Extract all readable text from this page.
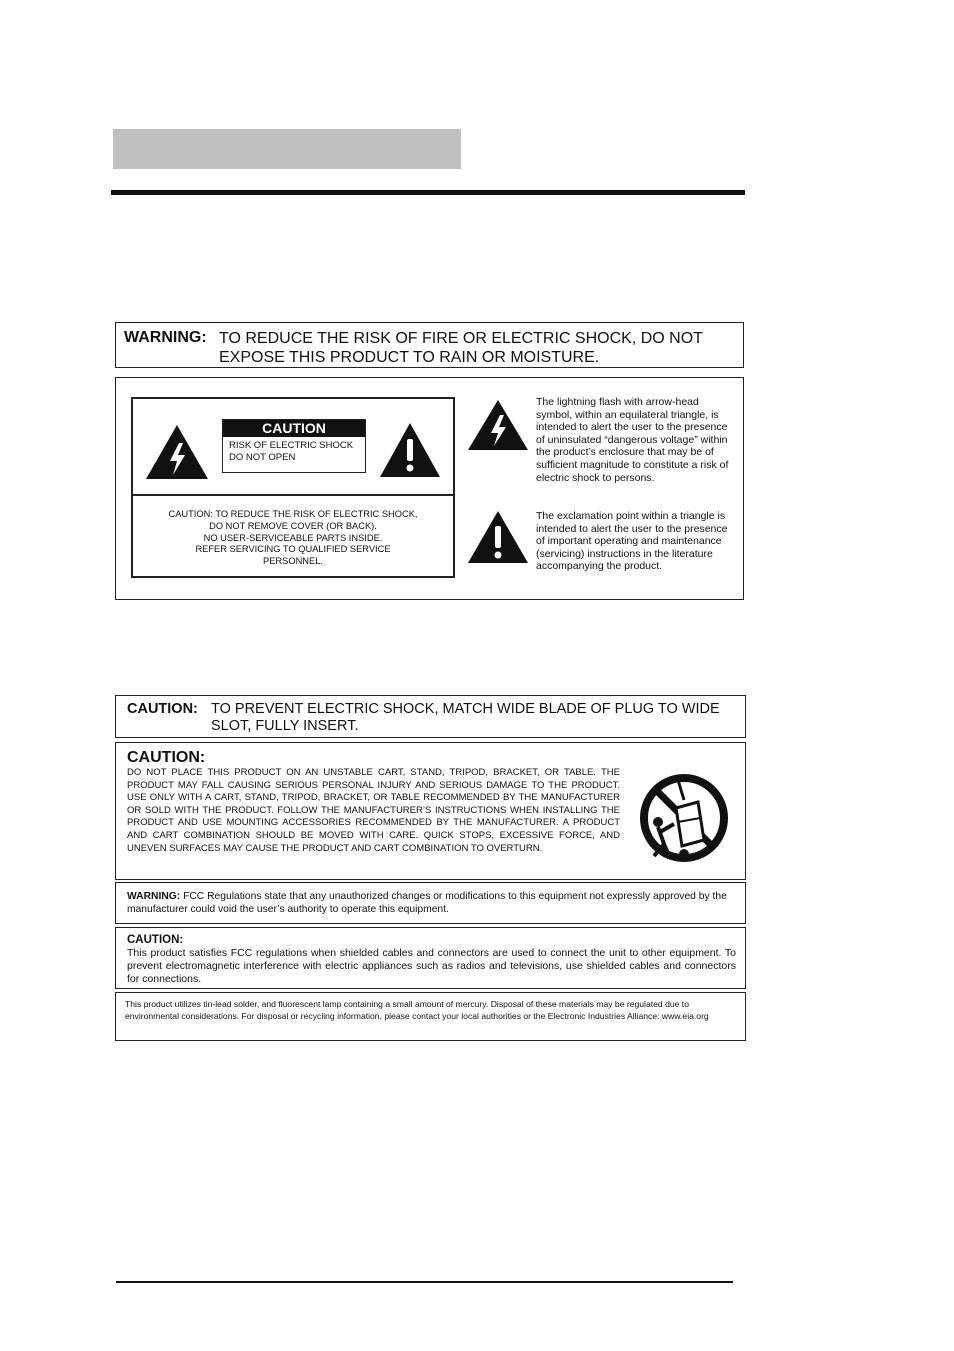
WARNING: TO REDUCE THE RISK OF FIRE OR ELECTRIC SHOCK, DO NOT EXPOSE THIS PRODUCT TO RAIN OR MOISTURE.
CAUTION
RISK OF ELECTRIC SHOCK
DO NOT OPEN
CAUTION: TO REDUCE THE RISK OF ELECTRIC SHOCK,
DO NOT REMOVE COVER (OR BACK).
NO USER-SERVICEABLE PARTS INSIDE.
REFER SERVICING TO QUALIFIED SERVICE
PERSONNEL.
The lightning flash with arrow-head symbol, within an equilateral triangle, is intended to alert the user to the presence of uninsulated “dangerous voltage” within the product’s enclosure that may be of sufficient magnitude to constitute a risk of electric shock to persons.
The exclamation point within a triangle is intended to alert the user to the presence of important operating and maintenance (servicing) instructions in the literature accompanying the product.
CAUTION: TO PREVENT ELECTRIC SHOCK, MATCH WIDE BLADE OF PLUG TO WIDE SLOT, FULLY INSERT.
CAUTION:
DO NOT PLACE THIS PRODUCT ON AN UNSTABLE CART, STAND, TRIPOD, BRACKET, OR TABLE. THE PRODUCT MAY FALL CAUSING SERIOUS PERSONAL INJURY AND SERIOUS DAMAGE TO THE PRODUCT. USE ONLY WITH A CART, STAND, TRIPOD, BRACKET, OR TABLE RECOMMENDED BY THE MANUFACTURER OR SOLD WITH THE PRODUCT. FOLLOW THE MANUFACTURER’S INSTRUCTIONS WHEN INSTALLING THE PRODUCT AND USE MOUNTING ACCESSORIES RECOMMENDED BY THE MANUFACTURER. A PRODUCT AND CART COMBINATION SHOULD BE MOVED WITH CARE. QUICK STOPS, EXCESSIVE FORCE, AND UNEVEN SURFACES MAY CAUSE THE PRODUCT AND CART COMBINATION TO OVERTURN.
WARNING: FCC Regulations state that any unauthorized changes or modifications to this equipment not expressly approved by the manufacturer could void the user’s authority to operate this equipment.
CAUTION:
This product satisfies FCC regulations when shielded cables and connectors are used to connect the unit to other equipment. To prevent electromagnetic interference with electric appliances such as radios and televisions, use shielded cables and connectors for connections.
This product utilizes tin-lead solder, and fluorescent lamp containing a small amount of mercury. Disposal of these materials may be regulated due to environmental considerations. For disposal or recycling information, please contact your local authorities or the Electronic Industries Alliance: www.eia.org
